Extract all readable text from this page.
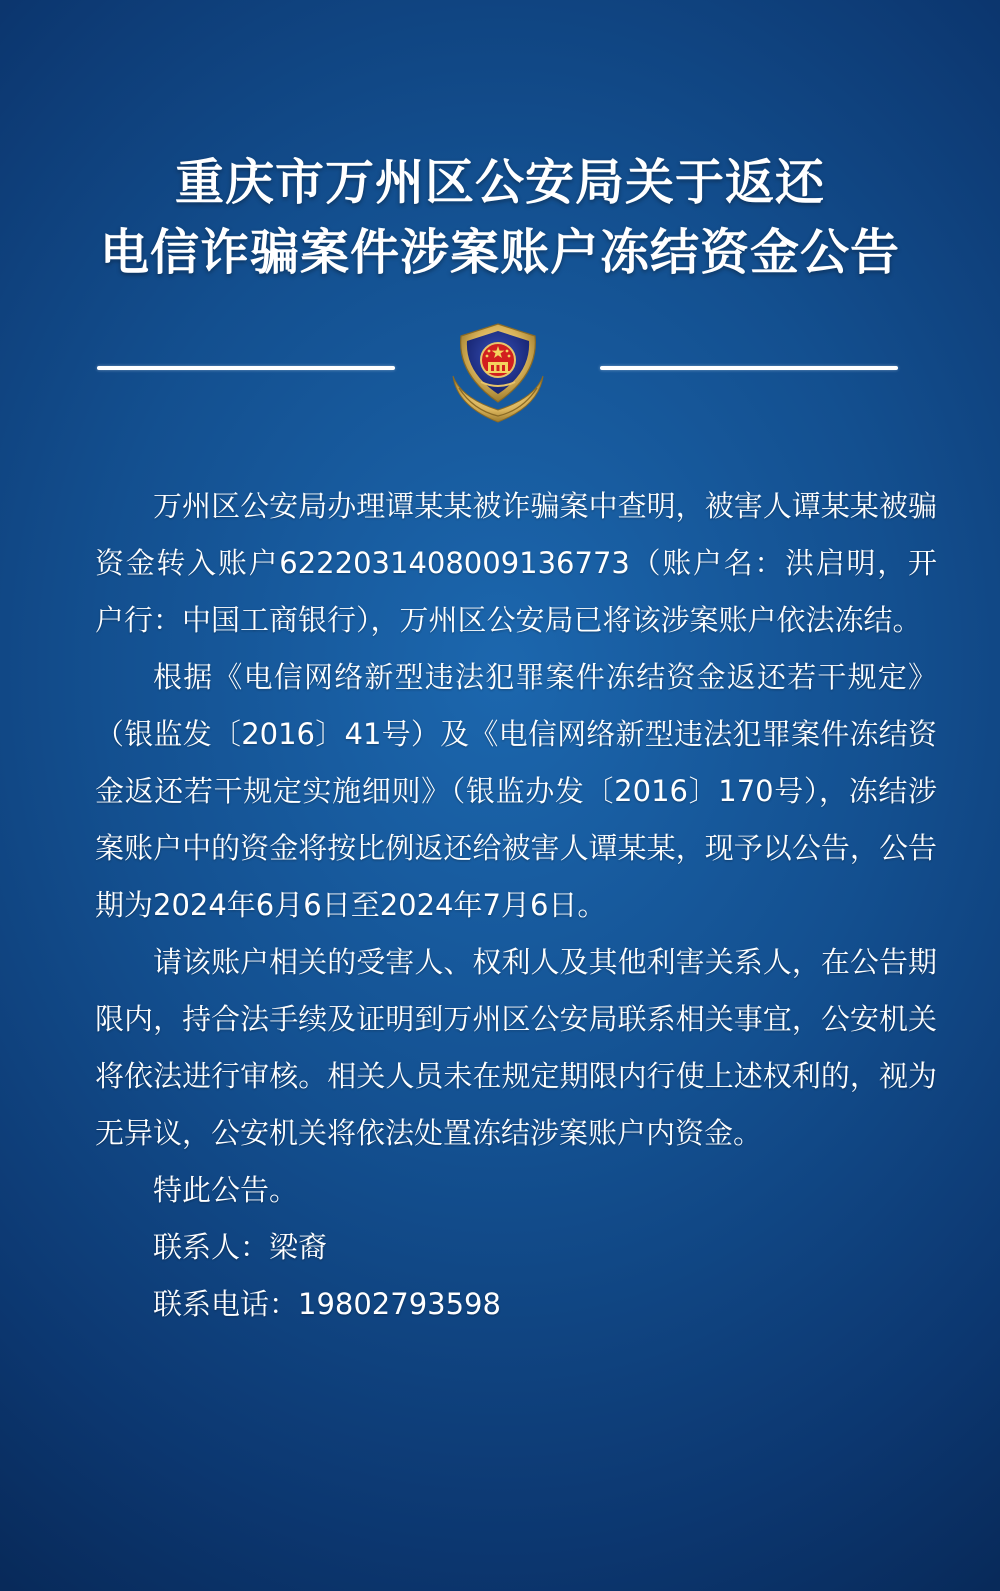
重庆市万州区公安局关于返还
电信诈骗案件涉案账户冻结资金公告

万州区公安局办理谭某某被诈骗案中查明，被害人谭某某被骗资金转入账户6222031408009136773（账户名：洪启明，开户行：中国工商银行），万州区公安局已将该涉案账户依法冻结。

根据《电信网络新型违法犯罪案件冻结资金返还若干规定》（银监发〔2016〕41号）及《电信网络新型违法犯罪案件冻结资金返还若干规定实施细则》（银监办发〔2016〕170号），冻结涉案账户中的资金将按比例返还给被害人谭某某，现予以公告，公告期为2024年6月6日至2024年7月6日。

请该账户相关的受害人、权利人及其他利害关系人，在公告期限内，持合法手续及证明到万州区公安局联系相关事宜，公安机关将依法进行审核。相关人员未在规定期限内行使上述权利的，视为无异议，公安机关将依法处置冻结涉案账户内资金。

特此公告。

联系人：梁裔

联系电话：19802793598
